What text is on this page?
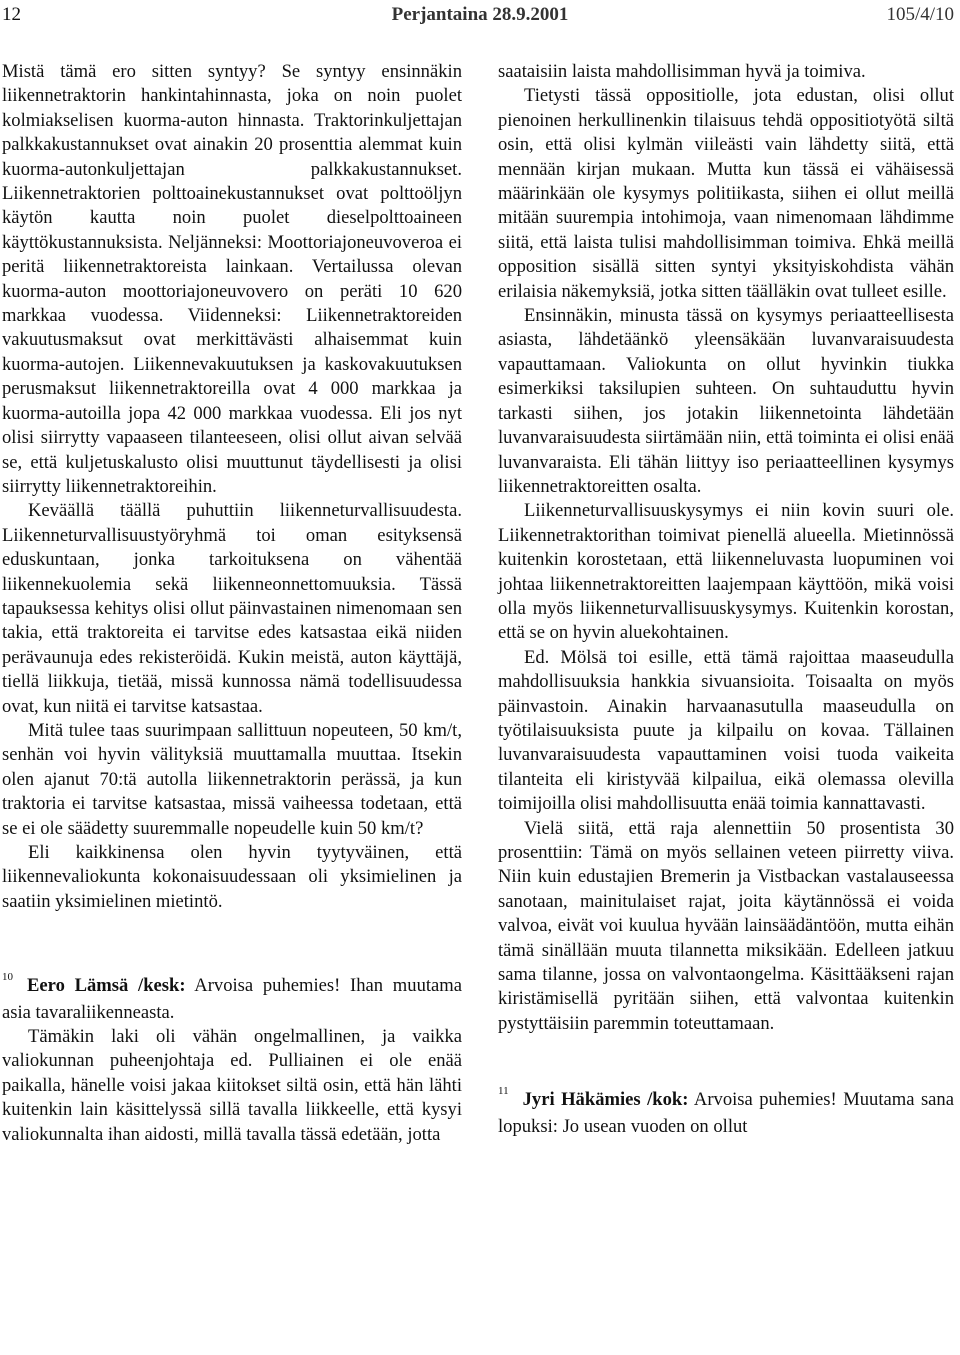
12	Perjantaina 28.9.2001	105/4/10

Mistä tämä ero sitten syntyy? Se syntyy ensinnäkin liikennetraktorin hankintahinnasta, joka on noin puolet kolmiakselisen kuorma-auton hinnasta. Traktorinkuljettajan palkkakustannukset ovat ainakin 20 prosenttia alemmat kuin kuorma-autonkuljettajan palkkakustannukset. Liikennetraktorien polttoainekustannukset ovat polttoöljyn käytön kautta noin puolet dieselpolttoaineen käyttökustannuksista. Neljänneksi: Moottoriajoneuvoveroa ei peritä liikennetraktoreista lainkaan. Vertailussa olevan kuorma-auton moottoriajoneuvovero on peräti 10 620 markkaa vuodessa. Viidenneksi: Liikennetraktoreiden vakuutusmaksut ovat merkittävästi alhaisemmat kuin kuorma-autojen. Liikennevakuutuksen ja kaskovakuutuksen perusmaksut liikennetraktoreilla ovat 4 000 markkaa ja kuorma-autoilla jopa 42 000 markkaa vuodessa. Eli jos nyt olisi siirrytty vapaaseen tilanteeseen, olisi ollut aivan selvää se, että kuljetuskalusto olisi muuttunut täydellisesti ja olisi siirrytty liikennetraktoreihin.

Keväällä täällä puhuttiin liikenneturvallisuudesta. Liikenneturvallisuustyöryhmä toi oman esityksensä eduskuntaan, jonka tarkoituksena on vähentää liikennekuolemia sekä liikenneonnettomuuksia. Tässä tapauksessa kehitys olisi ollut päinvastainen nimenomaan sen takia, että traktoreita ei tarvitse edes katsastaa eikä niiden perävaunuja edes rekisteröidä. Kukin meistä, auton käyttäjä, tiellä liikkuja, tietää, missä kunnossa nämä todellisuudessa ovat, kun niitä ei tarvitse katsastaa.

Mitä tulee taas suurimpaan sallittuun nopeuteen, 50 km/t, senhän voi hyvin välityksiä muuttamalla muuttaa. Itsekin olen ajanut 70:tä autolla liikennetraktorin perässä, ja kun traktoria ei tarvitse katsastaa, missä vaiheessa todetaan, että se ei ole säädetty suuremmalle nopeudelle kuin 50 km/t?

Eli kaikkinensa olen hyvin tyytyväinen, että liikennevaliokunta kokonaisuudessaan oli yksimielinen ja saatiin yksimielinen mietintö.

$^{10}$ Eero Lämsä /kesk: Arvoisa puhemies! Ihan muutama asia tavaraliikenneasta.

Tämäkin laki oli vähän ongelmallinen, ja vaikka valiokunnan puheenjohtaja ed. Pulliainen ei ole enää paikalla, hänelle voisi jakaa kiitokset siltä osin, että hän lähti kuitenkin lain käsittelyssä sillä tavalla liikkeelle, että kysyi valiokunnalta ihan aidosti, millä tavalla tässä edetään, jotta

saataisiin laista mahdollisimman hyvä ja toimiva.

Tietysti tässä oppositiolle, jota edustan, olisi ollut pienoinen herkullinenkin tilaisuus tehdä oppositiotyötä siltä osin, että olisi kylmän viileästi vain lähdetty siitä, että mennään kirjan mukaan. Mutta kun tässä ei vähäisessä määrinkään ole kysymys politiikasta, siihen ei ollut meillä mitään suurempia intohimoja, vaan nimenomaan lähdimme siitä, että laista tulisi mahdollisimman toimiva. Ehkä meillä opposition sisällä sitten syntyi yksityiskohdista vähän erilaisia näkemyksiä, jotka sitten täälläkin ovat tulleet esille.

Ensinnäkin, minusta tässä on kysymys periaatteellisesta asiasta, lähdetäänkö yleensäkään luvanvaraisuudesta vapauttamaan. Valiokunta on ollut hyvinkin tiukka esimerkiksi taksilupien suhteen. On suhtauduttu hyvin tarkasti siihen, jos jotakin liikennetointa lähdetään luvanvaraisuudesta siirtämään niin, että toiminta ei olisi enää luvanvaraista. Eli tähän liittyy iso periaatteellinen kysymys liikennetraktoreitten osalta.

Liikenneturvallisuuskysymys ei niin kovin suuri ole. Liikennetraktorithan toimivat pienellä alueella. Mietinnössä kuitenkin korostetaan, että liikenneluvasta luopuminen voi johtaa liikennetraktoreitten laajempaan käyttöön, mikä voisi olla myös liikenneturvallisuuskysymys. Kuitenkin korostan, että se on hyvin aluekohtainen.

Ed. Mölsä toi esille, että tämä rajoittaa maaseudulla mahdollisuuksia hankkia sivuansioita. Toisaalta on myös päinvastoin. Ainakin harvaanasutulla maaseudulla on työtilaisuuksista puute ja kilpailu on kovaa. Tällainen luvanvaraisuudesta vapauttaminen voisi tuoda vaikeita tilanteita eli kiristyvää kilpailua, eikä olemassa olevilla toimijoilla olisi mahdollisuutta enää toimia kannattavasti.

Vielä siitä, että raja alennettiin 50 prosentista 30 prosenttiin: Tämä on myös sellainen veteen piirretty viiva. Niin kuin edustajien Bremerin ja Vistbackan vastalauseessa sanotaan, mainitulaiset rajat, joita käytännössä ei voida valvoa, eivät voi kuulua hyvään lainsäädäntöön, mutta eihän tämä sinällään muuta tilannetta miksikään. Edelleen jatkuu sama tilanne, jossa on valvontaongelma. Käsittääkseni rajan kiristämisellä pyritään siihen, että valvontaa kuitenkin pystyttäisiin paremmin toteuttamaan.

$^{11}$ Jyri Häkämies /kok: Arvoisa puhemies! Muutama sana lopuksi: Jo usean vuoden on ollut
